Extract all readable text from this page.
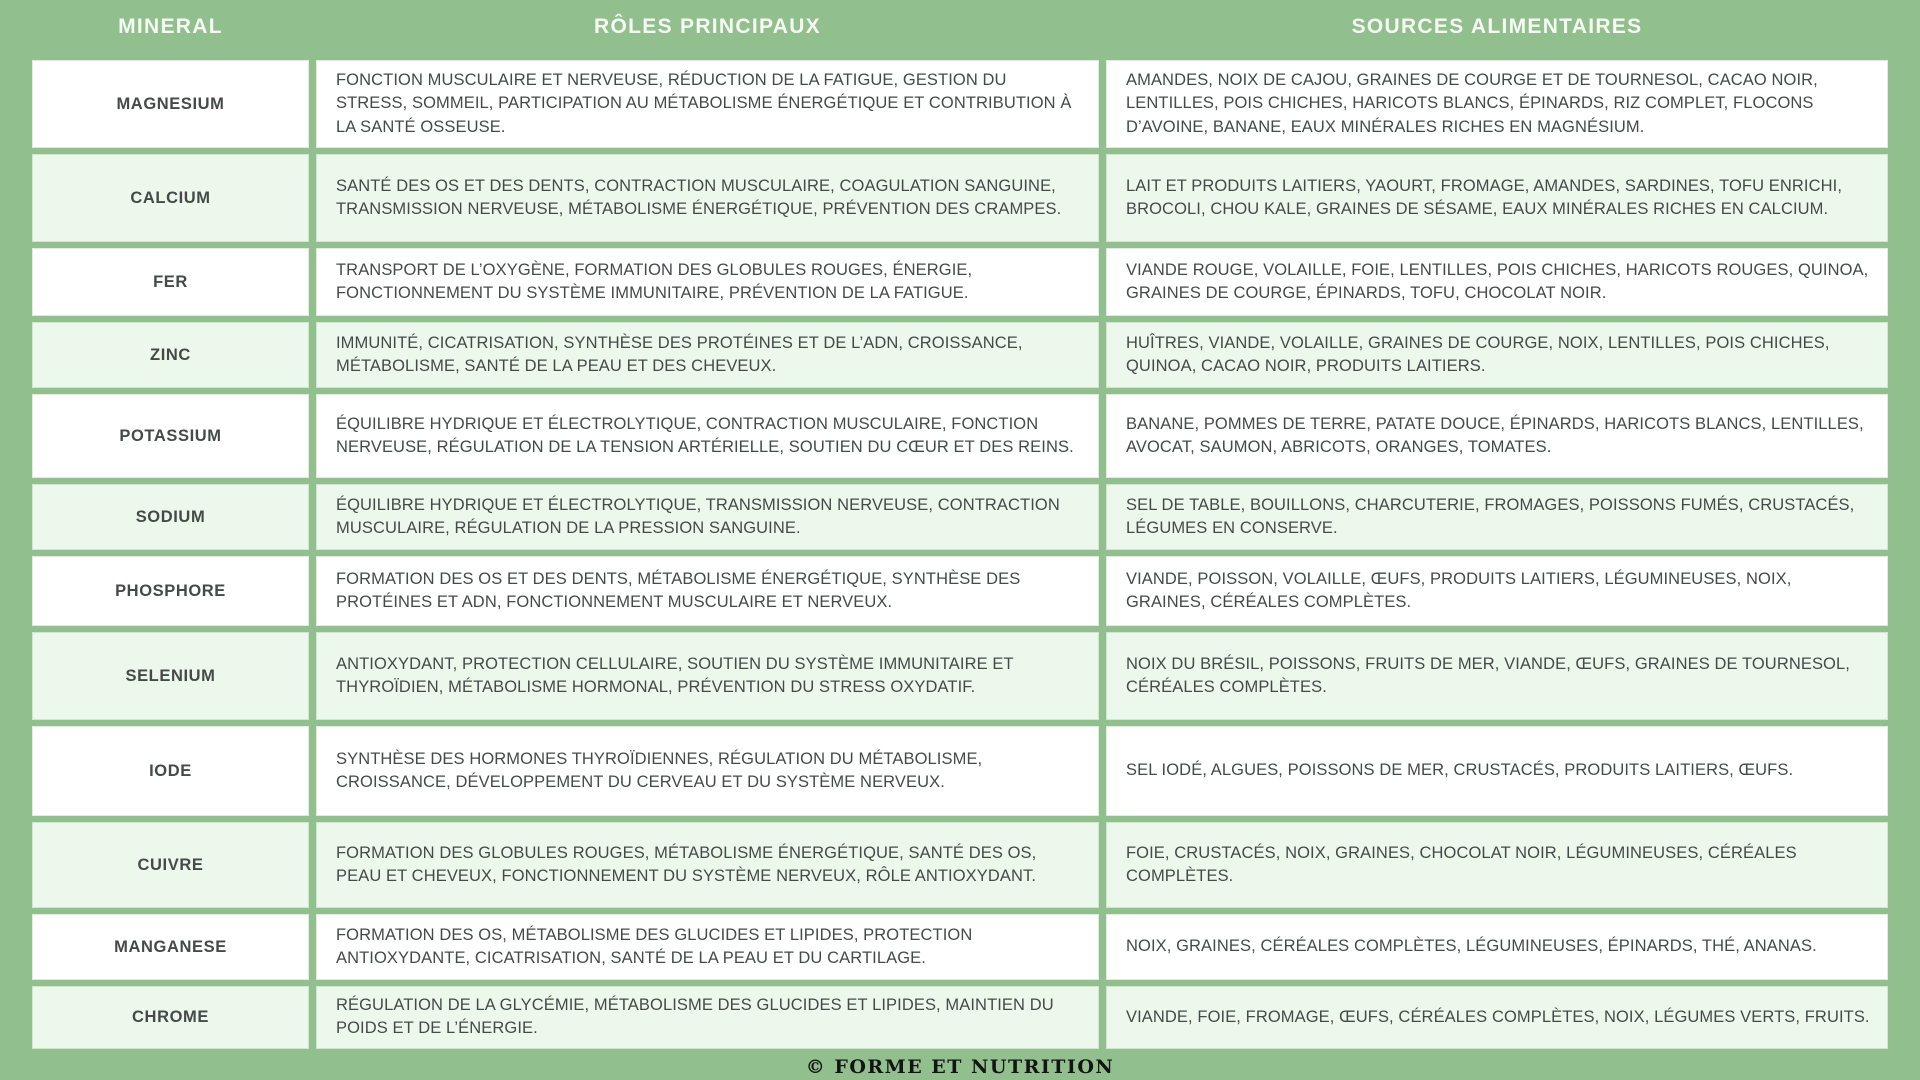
MINERAL	RÔLES PRINCIPAUX	SOURCES ALIMENTAIRES
MAGNESIUM
FONCTION MUSCULAIRE ET NERVEUSE, RÉDUCTION DE LA FATIGUE, GESTION DU STRESS, SOMMEIL, PARTICIPATION AU MÉTABOLISME ÉNERGÉTIQUE ET CONTRIBUTION À LA SANTÉ OSSEUSE.
AMANDES, NOIX DE CAJOU, GRAINES DE COURGE ET DE TOURNESOL, CACAO NOIR, LENTILLES, POIS CHICHES, HARICOTS BLANCS, ÉPINARDS, RIZ COMPLET, FLOCONS D’AVOINE, BANANE, EAUX MINÉRALES RICHES EN MAGNÉSIUM.
CALCIUM
SANTÉ DES OS ET DES DENTS, CONTRACTION MUSCULAIRE, COAGULATION SANGUINE, TRANSMISSION NERVEUSE, MÉTABOLISME ÉNERGÉTIQUE, PRÉVENTION DES CRAMPES.
LAIT ET PRODUITS LAITIERS, YAOURT, FROMAGE, AMANDES, SARDINES, TOFU ENRICHI, BROCOLI, CHOU KALE, GRAINES DE SÉSAME, EAUX MINÉRALES RICHES EN CALCIUM.
FER
TRANSPORT DE L’OXYGÈNE, FORMATION DES GLOBULES ROUGES, ÉNERGIE, FONCTIONNEMENT DU SYSTÈME IMMUNITAIRE, PRÉVENTION DE LA FATIGUE.
VIANDE ROUGE, VOLAILLE, FOIE, LENTILLES, POIS CHICHES, HARICOTS ROUGES, QUINOA, GRAINES DE COURGE, ÉPINARDS, TOFU, CHOCOLAT NOIR.
ZINC
IMMUNITÉ, CICATRISATION, SYNTHÈSE DES PROTÉINES ET DE L’ADN, CROISSANCE, MÉTABOLISME, SANTÉ DE LA PEAU ET DES CHEVEUX.
HUÎTRES, VIANDE, VOLAILLE, GRAINES DE COURGE, NOIX, LENTILLES, POIS CHICHES, QUINOA, CACAO NOIR, PRODUITS LAITIERS.
POTASSIUM
ÉQUILIBRE HYDRIQUE ET ÉLECTROLYTIQUE, CONTRACTION MUSCULAIRE, FONCTION NERVEUSE, RÉGULATION DE LA TENSION ARTÉRIELLE, SOUTIEN DU CŒUR ET DES REINS.
BANANE, POMMES DE TERRE, PATATE DOUCE, ÉPINARDS, HARICOTS BLANCS, LENTILLES, AVOCAT, SAUMON, ABRICOTS, ORANGES, TOMATES.
SODIUM
ÉQUILIBRE HYDRIQUE ET ÉLECTROLYTIQUE, TRANSMISSION NERVEUSE, CONTRACTION MUSCULAIRE, RÉGULATION DE LA PRESSION SANGUINE.
SEL DE TABLE, BOUILLONS, CHARCUTERIE, FROMAGES, POISSONS FUMÉS, CRUSTACÉS, LÉGUMES EN CONSERVE.
PHOSPHORE
FORMATION DES OS ET DES DENTS, MÉTABOLISME ÉNERGÉTIQUE, SYNTHÈSE DES PROTÉINES ET ADN, FONCTIONNEMENT MUSCULAIRE ET NERVEUX.
VIANDE, POISSON, VOLAILLE, ŒUFS, PRODUITS LAITIERS, LÉGUMINEUSES, NOIX, GRAINES, CÉRÉALES COMPLÈTES.
SELENIUM
ANTIOXYDANT, PROTECTION CELLULAIRE, SOUTIEN DU SYSTÈME IMMUNITAIRE ET THYROÏDIEN, MÉTABOLISME HORMONAL, PRÉVENTION DU STRESS OXYDATIF.
NOIX DU BRÉSIL, POISSONS, FRUITS DE MER, VIANDE, ŒUFS, GRAINES DE TOURNESOL, CÉRÉALES COMPLÈTES.
IODE
SYNTHÈSE DES HORMONES THYROÏDIENNES, RÉGULATION DU MÉTABOLISME, CROISSANCE, DÉVELOPPEMENT DU CERVEAU ET DU SYSTÈME NERVEUX.
SEL IODÉ, ALGUES, POISSONS DE MER, CRUSTACÉS, PRODUITS LAITIERS, ŒUFS.
CUIVRE
FORMATION DES GLOBULES ROUGES, MÉTABOLISME ÉNERGÉTIQUE, SANTÉ DES OS, PEAU ET CHEVEUX, FONCTIONNEMENT DU SYSTÈME NERVEUX, RÔLE ANTIOXYDANT.
FOIE, CRUSTACÉS, NOIX, GRAINES, CHOCOLAT NOIR, LÉGUMINEUSES, CÉRÉALES COMPLÈTES.
MANGANESE
FORMATION DES OS, MÉTABOLISME DES GLUCIDES ET LIPIDES, PROTECTION ANTIOXYDANTE, CICATRISATION, SANTÉ DE LA PEAU ET DU CARTILAGE.
NOIX, GRAINES, CÉRÉALES COMPLÈTES, LÉGUMINEUSES, ÉPINARDS, THÉ, ANANAS.
CHROME
RÉGULATION DE LA GLYCÉMIE, MÉTABOLISME DES GLUCIDES ET LIPIDES, MAINTIEN DU POIDS ET DE L’ÉNERGIE.
VIANDE, FOIE, FROMAGE, ŒUFS, CÉRÉALES COMPLÈTES, NOIX, LÉGUMES VERTS, FRUITS.
© FORME ET NUTRITION
